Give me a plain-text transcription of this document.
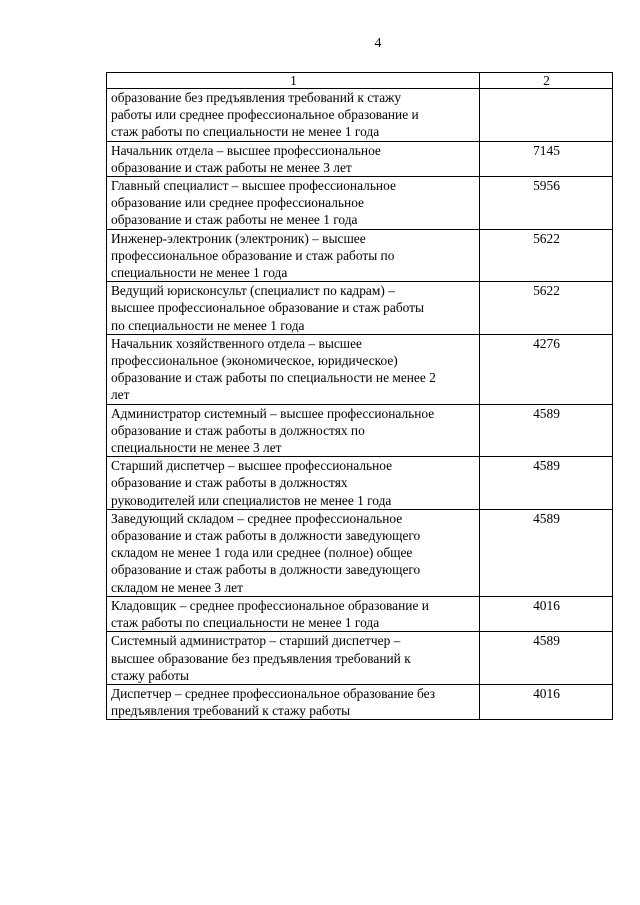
4
1	2

образование без предъявления требований к стажу
работы или среднее профессиональное образование и
стаж работы по специальности не менее 1 года	

Начальник отдела – высшее профессиональное
образование и стаж работы не менее 3 лет	7145

Главный специалист – высшее профессиональное
образование или среднее профессиональное
образование и стаж работы не менее 1 года	5956

Инженер-электроник (электроник) – высшее
профессиональное образование и стаж работы по
специальности не менее 1 года	5622

Ведущий юрисконсульт (специалист по кадрам) –
высшее профессиональное образование и стаж работы
по специальности не менее 1 года	5622

Начальник хозяйственного отдела – высшее
профессиональное (экономическое, юридическое)
образование и стаж работы по специальности не менее 2
лет	4276

Администратор системный – высшее профессиональное
образование и стаж работы в должностях по
специальности не менее 3 лет	4589

Старший диспетчер – высшее профессиональное
образование и стаж работы в должностях
руководителей или специалистов не менее 1 года	4589

Заведующий складом – среднее профессиональное
образование и стаж работы в должности заведующего
складом не менее 1 года или среднее (полное) общее
образование и стаж работы в должности заведующего
складом не менее 3 лет	4589

Кладовщик – среднее профессиональное образование и
стаж работы по специальности не менее 1 года	4016

Системный администратор – старший диспетчер –
высшее образование без предъявления требований к
стажу работы	4589

Диспетчер – среднее профессиональное образование без
предъявления требований к стажу работы	4016
